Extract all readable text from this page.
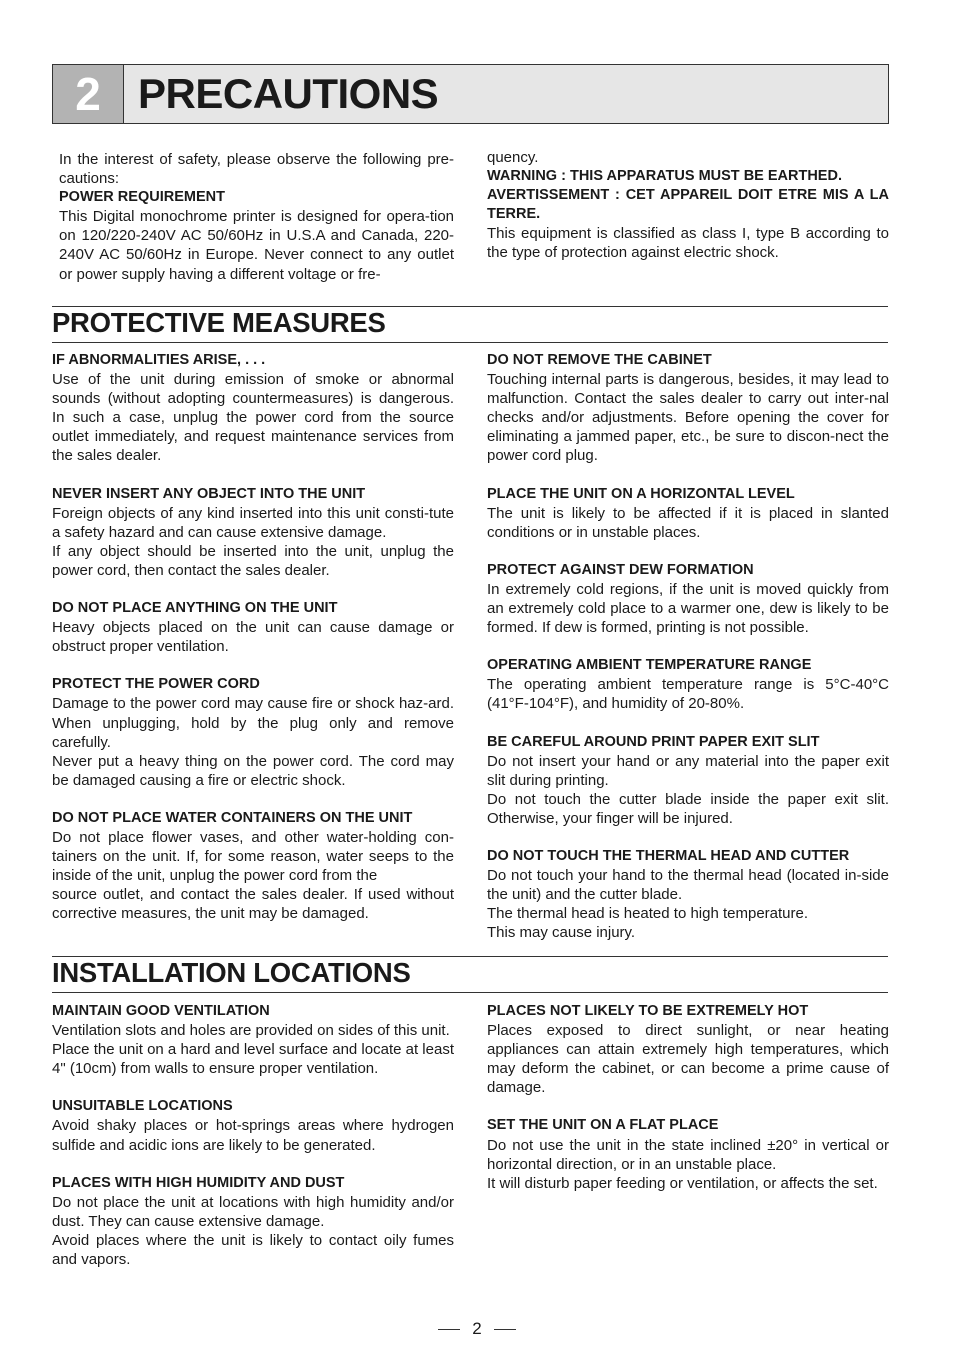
2 PRECAUTIONS

In the interest of safety, please observe the following pre-cautions:

POWER REQUIREMENT

This Digital monochrome printer is designed for opera-tion on 120/220-240V AC 50/60Hz in U.S.A and Canada, 220-240V AC 50/60Hz in Europe. Never connect to any outlet or power supply having a different voltage or fre-

quency.

WARNING : THIS APPARATUS MUST BE EARTHED.

AVERTISSEMENT : CET APPAREIL DOIT ETRE MIS A LA TERRE.

This equipment is classified as class I, type B according to the type of protection against electric shock.

PROTECTIVE MEASURES

IF ABNORMALITIES ARISE, . . .

Use of the unit during emission of smoke or abnormal sounds (without adopting countermeasures) is dangerous. In such a case, unplug the power cord from the source outlet immediately, and request maintenance services from the sales dealer.

NEVER INSERT ANY OBJECT INTO THE UNIT

Foreign objects of any kind inserted into this unit consti-tute a safety hazard and can cause extensive damage.

If any object should be inserted into the unit, unplug the power cord, then contact the sales dealer.

DO NOT PLACE ANYTHING ON THE UNIT

Heavy objects placed on the unit can cause damage or obstruct proper ventilation.

PROTECT THE POWER CORD

Damage to the power cord may cause fire or shock haz-ard. When unplugging, hold by the plug only and remove carefully.

Never put a heavy thing on the power cord. The cord may be damaged causing a fire or electric shock.

DO NOT PLACE WATER CONTAINERS ON THE UNIT

Do not place flower vases, and other water-holding con-tainers on the unit. If, for some reason, water seeps to the inside of the unit, unplug the power cord from the

source outlet, and contact the sales dealer. If used without corrective measures, the unit may be damaged.

DO NOT REMOVE THE CABINET

Touching internal parts is dangerous, besides, it may lead to malfunction. Contact the sales dealer to carry out inter-nal checks and/or adjustments. Before opening the cover for eliminating a jammed paper, etc., be sure to discon-nect the power cord plug.

PLACE THE UNIT ON A HORIZONTAL LEVEL

The unit is likely to be affected if it is placed in slanted conditions or in unstable places.

PROTECT AGAINST DEW FORMATION

In extremely cold regions, if the unit is moved quickly from an extremely cold place to a warmer one, dew is likely to be formed. If dew is formed, printing is not possible.

OPERATING AMBIENT TEMPERATURE RANGE

The operating ambient temperature range is 5°C-40°C (41°F-104°F), and humidity of 20-80%.

BE CAREFUL AROUND PRINT PAPER EXIT SLIT

Do not insert your hand or any material into the paper exit slit during printing.

Do not touch the cutter blade inside the paper exit slit. Otherwise, your finger will be injured.

DO NOT TOUCH THE THERMAL HEAD AND CUTTER

Do not touch your hand to the thermal head (located in-side the unit) and the cutter blade.

The thermal head is heated to high temperature.

This may cause injury.

INSTALLATION LOCATIONS

MAINTAIN GOOD VENTILATION

Ventilation slots and holes are provided on sides of this unit.

Place the unit on a hard and level surface and locate at least 4" (10cm) from walls to ensure proper ventilation.

UNSUITABLE LOCATIONS

Avoid shaky places or hot-springs areas where hydrogen sulfide and acidic ions are likely to be generated.

PLACES WITH HIGH HUMIDITY AND DUST

Do not place the unit at locations with high humidity and/or dust. They can cause extensive damage.

Avoid places where the unit is likely to contact oily fumes and vapors.

PLACES NOT LIKELY TO BE EXTREMELY HOT

Places exposed to direct sunlight, or near heating appliances can attain extremely high temperatures, which may deform the cabinet, or can become a prime cause of damage.

SET THE UNIT ON A FLAT PLACE

Do not use the unit in the state inclined ±20° in vertical or horizontal direction, or in an unstable place.

It will disturb paper feeding or ventilation, or affects the set.

2
